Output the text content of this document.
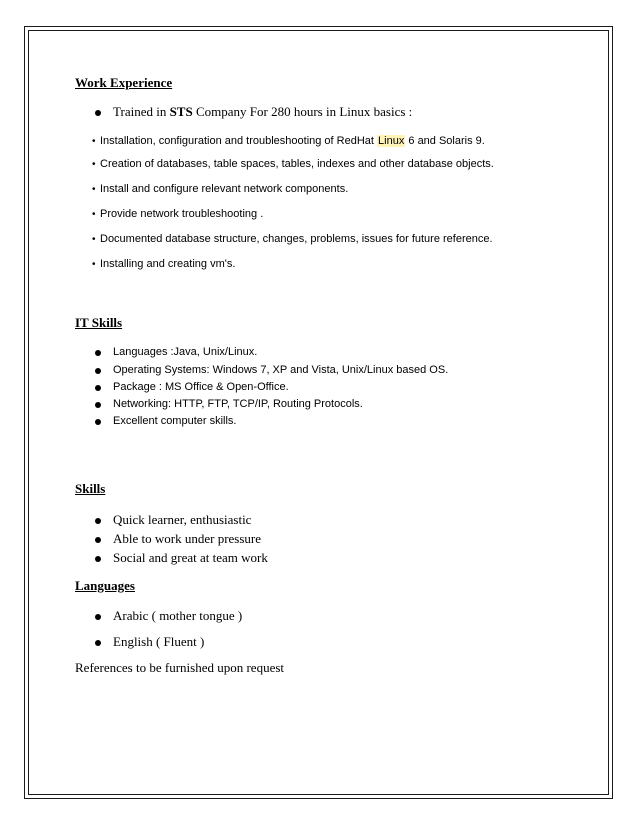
Work Experience
Trained in STS Company For 280 hours in Linux basics :
• Installation, configuration and troubleshooting of RedHat Linux 6 and Solaris 9.
• Creation of databases, table spaces, tables, indexes and other database objects.
• Install and configure relevant network components.
• Provide network troubleshooting .
• Documented database structure, changes, problems, issues for future reference.
• Installing and creating vm's.
IT Skills
Languages :Java, Unix/Linux.
Operating Systems: Windows 7, XP and Vista, Unix/Linux based OS.
Package : MS Office & Open-Office.
Networking: HTTP, FTP, TCP/IP, Routing Protocols.
Excellent computer skills.
Skills
Quick learner, enthusiastic
Able to work under pressure
Social and great at team work
Languages
Arabic ( mother tongue )
English ( Fluent )
References to be furnished upon request
